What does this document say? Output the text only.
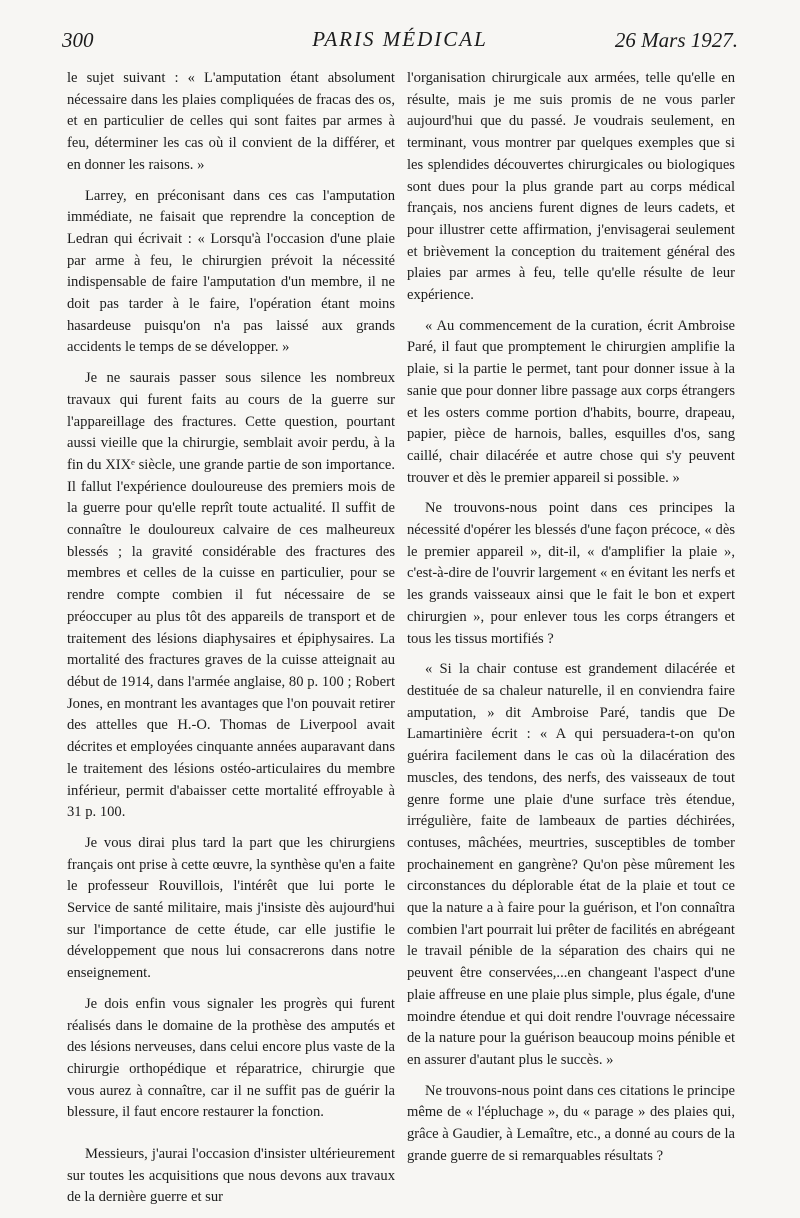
300	PARIS MÉDICAL	26 Mars 1927.

le sujet suivant : « L'amputation étant absolument nécessaire dans les plaies compliquées de fracas des os, et en particulier de celles qui sont faites par armes à feu, déterminer les cas où il convient de la différer, et en donner les raisons. »

Larrey, en préconisant dans ces cas l'amputation immédiate, ne faisait que reprendre la conception de Ledran qui écrivait : « Lorsqu'à l'occasion d'une plaie par arme à feu, le chirurgien prévoit la nécessité indispensable de faire l'amputation d'un membre, il ne doit pas tarder à le faire, l'opération étant moins hasardeuse puisqu'on n'a pas laissé aux grands accidents le temps de se développer. »

Je ne saurais passer sous silence les nombreux travaux qui furent faits au cours de la guerre sur l'appareillage des fractures. Cette question, pourtant aussi vieille que la chirurgie, semblait avoir perdu, à la fin du XIXᵉ siècle, une grande partie de son importance. Il fallut l'expérience douloureuse des premiers mois de la guerre pour qu'elle reprît toute actualité. Il suffit de connaître le douloureux calvaire de ces malheureux blessés ; la gravité considérable des fractures des membres et celles de la cuisse en particulier, pour se rendre compte combien il fut nécessaire de se préoccuper au plus tôt des appareils de transport et de traitement des lésions diaphysaires et épiphysaires. La mortalité des fractures graves de la cuisse atteignait au début de 1914, dans l'armée anglaise, 80 p. 100 ; Robert Jones, en montrant les avantages que l'on pouvait retirer des attelles que H.-O. Thomas de Liverpool avait décrites et employées cinquante années auparavant dans le traitement des lésions ostéo-articulaires du membre inférieur, permit d'abaisser cette mortalité effroyable à 31 p. 100.

Je vous dirai plus tard la part que les chirurgiens français ont prise à cette œuvre, la synthèse qu'en a faite le professeur Rouvillois, l'intérêt que lui porte le Service de santé militaire, mais j'insiste dès aujourd'hui sur l'importance de cette étude, car elle justifie le développement que nous lui consacrerons dans notre enseignement.

Je dois enfin vous signaler les progrès qui furent réalisés dans le domaine de la prothèse des amputés et des lésions nerveuses, dans celui encore plus vaste de la chirurgie orthopédique et réparatrice, chirurgie que vous aurez à connaître, car il ne suffit pas de guérir la blessure, il faut encore restaurer la fonction.

Messieurs, j'aurai l'occasion d'insister ultérieurement sur toutes les acquisitions que nous devons aux travaux de la dernière guerre et sur

l'organisation chirurgicale aux armées, telle qu'elle en résulte, mais je me suis promis de ne vous parler aujourd'hui que du passé. Je voudrais seulement, en terminant, vous montrer par quelques exemples que si les splendides découvertes chirurgicales ou biologiques sont dues pour la plus grande part au corps médical français, nos anciens furent dignes de leurs cadets, et pour illustrer cette affirmation, j'envisagerai seulement et brièvement la conception du traitement général des plaies par armes à feu, telle qu'elle résulte de leur expérience.

« Au commencement de la curation, écrit Ambroise Paré, il faut que promptement le chirurgien amplifie la plaie, si la partie le permet, tant pour donner issue à la sanie que pour donner libre passage aux corps étrangers et les osters comme portion d'habits, bourre, drapeau, papier, pièce de harnois, balles, esquilles d'os, sang caillé, chair dilacérée et autre chose qui s'y peuvent trouver et dès le premier appareil si possible. »

Ne trouvons-nous point dans ces principes la nécessité d'opérer les blessés d'une façon précoce, « dès le premier appareil », dit-il, « d'amplifier la plaie », c'est-à-dire de l'ouvrir largement « en évitant les nerfs et les grands vaisseaux ainsi que le fait le bon et expert chirurgien », pour enlever tous les corps étrangers et tous les tissus mortifiés ?

« Si la chair contuse est grandement dilacérée et destituée de sa chaleur naturelle, il en conviendra faire amputation, » dit Ambroise Paré, tandis que De Lamartinière écrit : « A qui persuadera-t-on qu'on guérira facilement dans le cas où la dilacération des muscles, des tendons, des nerfs, des vaisseaux de tout genre forme une plaie d'une surface très étendue, irrégulière, faite de lambeaux de parties déchirées, contuses, mâchées, meurtries, susceptibles de tomber prochainement en gangrène? Qu'on pèse mûrement les circonstances du déplorable état de la plaie et tout ce que la nature a à faire pour la guérison, et l'on connaîtra combien l'art pourrait lui prêter de facilités en abrégeant le travail pénible de la séparation des chairs qui ne peuvent être conservées,...en changeant l'aspect d'une plaie affreuse en une plaie plus simple, plus égale, d'une moindre étendue et qui doit rendre l'ouvrage nécessaire de la nature pour la guérison beaucoup moins pénible et en assurer d'autant plus le succès. »

Ne trouvons-nous point dans ces citations le principe même de « l'épluchage », du « parage » des plaies qui, grâce à Gaudier, à Lemaître, etc., a donné au cours de la grande guerre de si remarquables résultats ?
